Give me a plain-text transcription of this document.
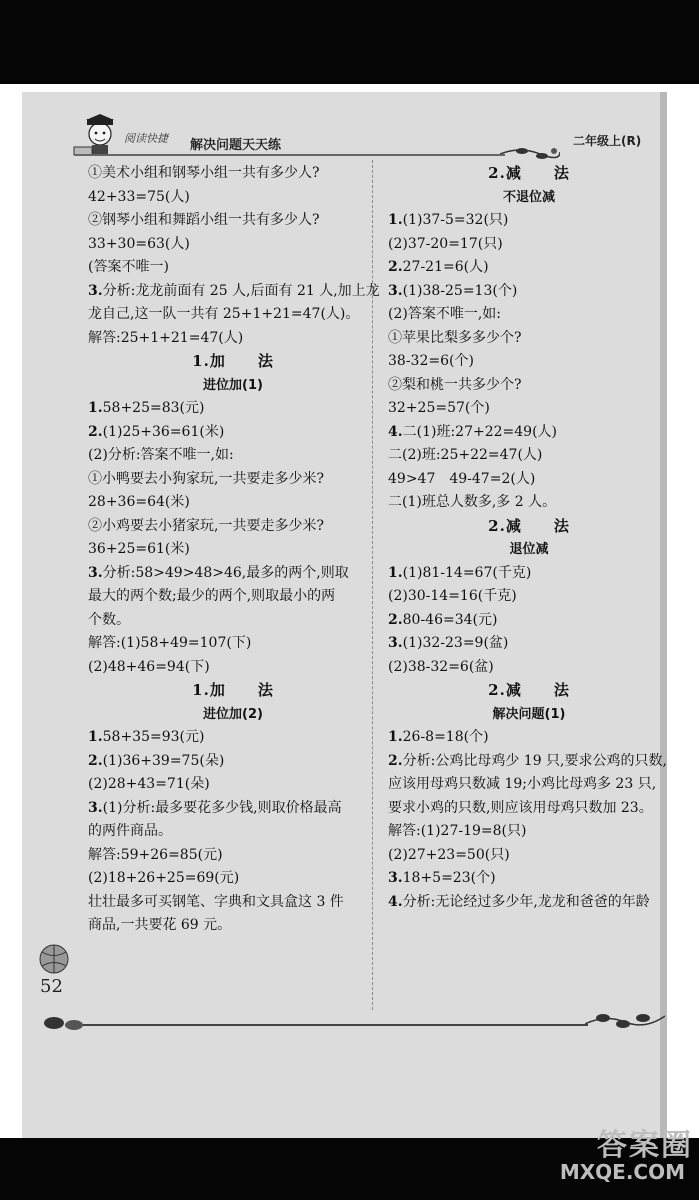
阅读快捷 解决问题天天练	二年级上(R)
①美术小组和钢琴小组一共有多少人?
42+33=75(人)
②钢琴小组和舞蹈小组一共有多少人?
33+30=63(人)
(答案不唯一)
3.分析:龙龙前面有 25 人,后面有 21 人,加上龙
龙自己,这一队一共有 25+1+21=47(人)。
解答:25+1+21=47(人)
1.加　　法
进位加(1)
1.58+25=83(元)
2.(1)25+36=61(米)
(2)分析:答案不唯一,如:
①小鸭要去小狗家玩,一共要走多少米?
28+36=64(米)
②小鸡要去小猪家玩,一共要走多少米?
36+25=61(米)
3.分析:58>49>48>46,最多的两个,则取
最大的两个数;最少的两个,则取最小的两
个数。
解答:(1)58+49=107(下)
(2)48+46=94(下)
1.加　　法
进位加(2)
1.58+35=93(元)
2.(1)36+39=75(朵)
(2)28+43=71(朵)
3.(1)分析:最多要花多少钱,则取价格最高
的两件商品。
解答:59+26=85(元)
(2)18+26+25=69(元)
壮壮最多可买钢笔、字典和文具盒这 3 件
商品,一共要花 69 元。
2.减　　法
不退位减
1.(1)37-5=32(只)
(2)37-20=17(只)
2.27-21=6(人)
3.(1)38-25=13(个)
(2)答案不唯一,如:
①苹果比梨多多少个?
38-32=6(个)
②梨和桃一共多少个?
32+25=57(个)
4.二(1)班:27+22=49(人)
二(2)班:25+22=47(人)
49>47　49-47=2(人)
二(1)班总人数多,多 2 人。
2.减　　法
退位减
1.(1)81-14=67(千克)
(2)30-14=16(千克)
2.80-46=34(元)
3.(1)32-23=9(盆)
(2)38-32=6(盆)
2.减　　法
解决问题(1)
1.26-8=18(个)
2.分析:公鸡比母鸡少 19 只,要求公鸡的只数,
应该用母鸡只数减 19;小鸡比母鸡多 23 只,
要求小鸡的只数,则应该用母鸡只数加 23。
解答:(1)27-19=8(只)
(2)27+23=50(只)
3.18+5=23(个)
4.分析:无论经过多少年,龙龙和爸爸的年龄
52
答案圈
MXQE.COM
